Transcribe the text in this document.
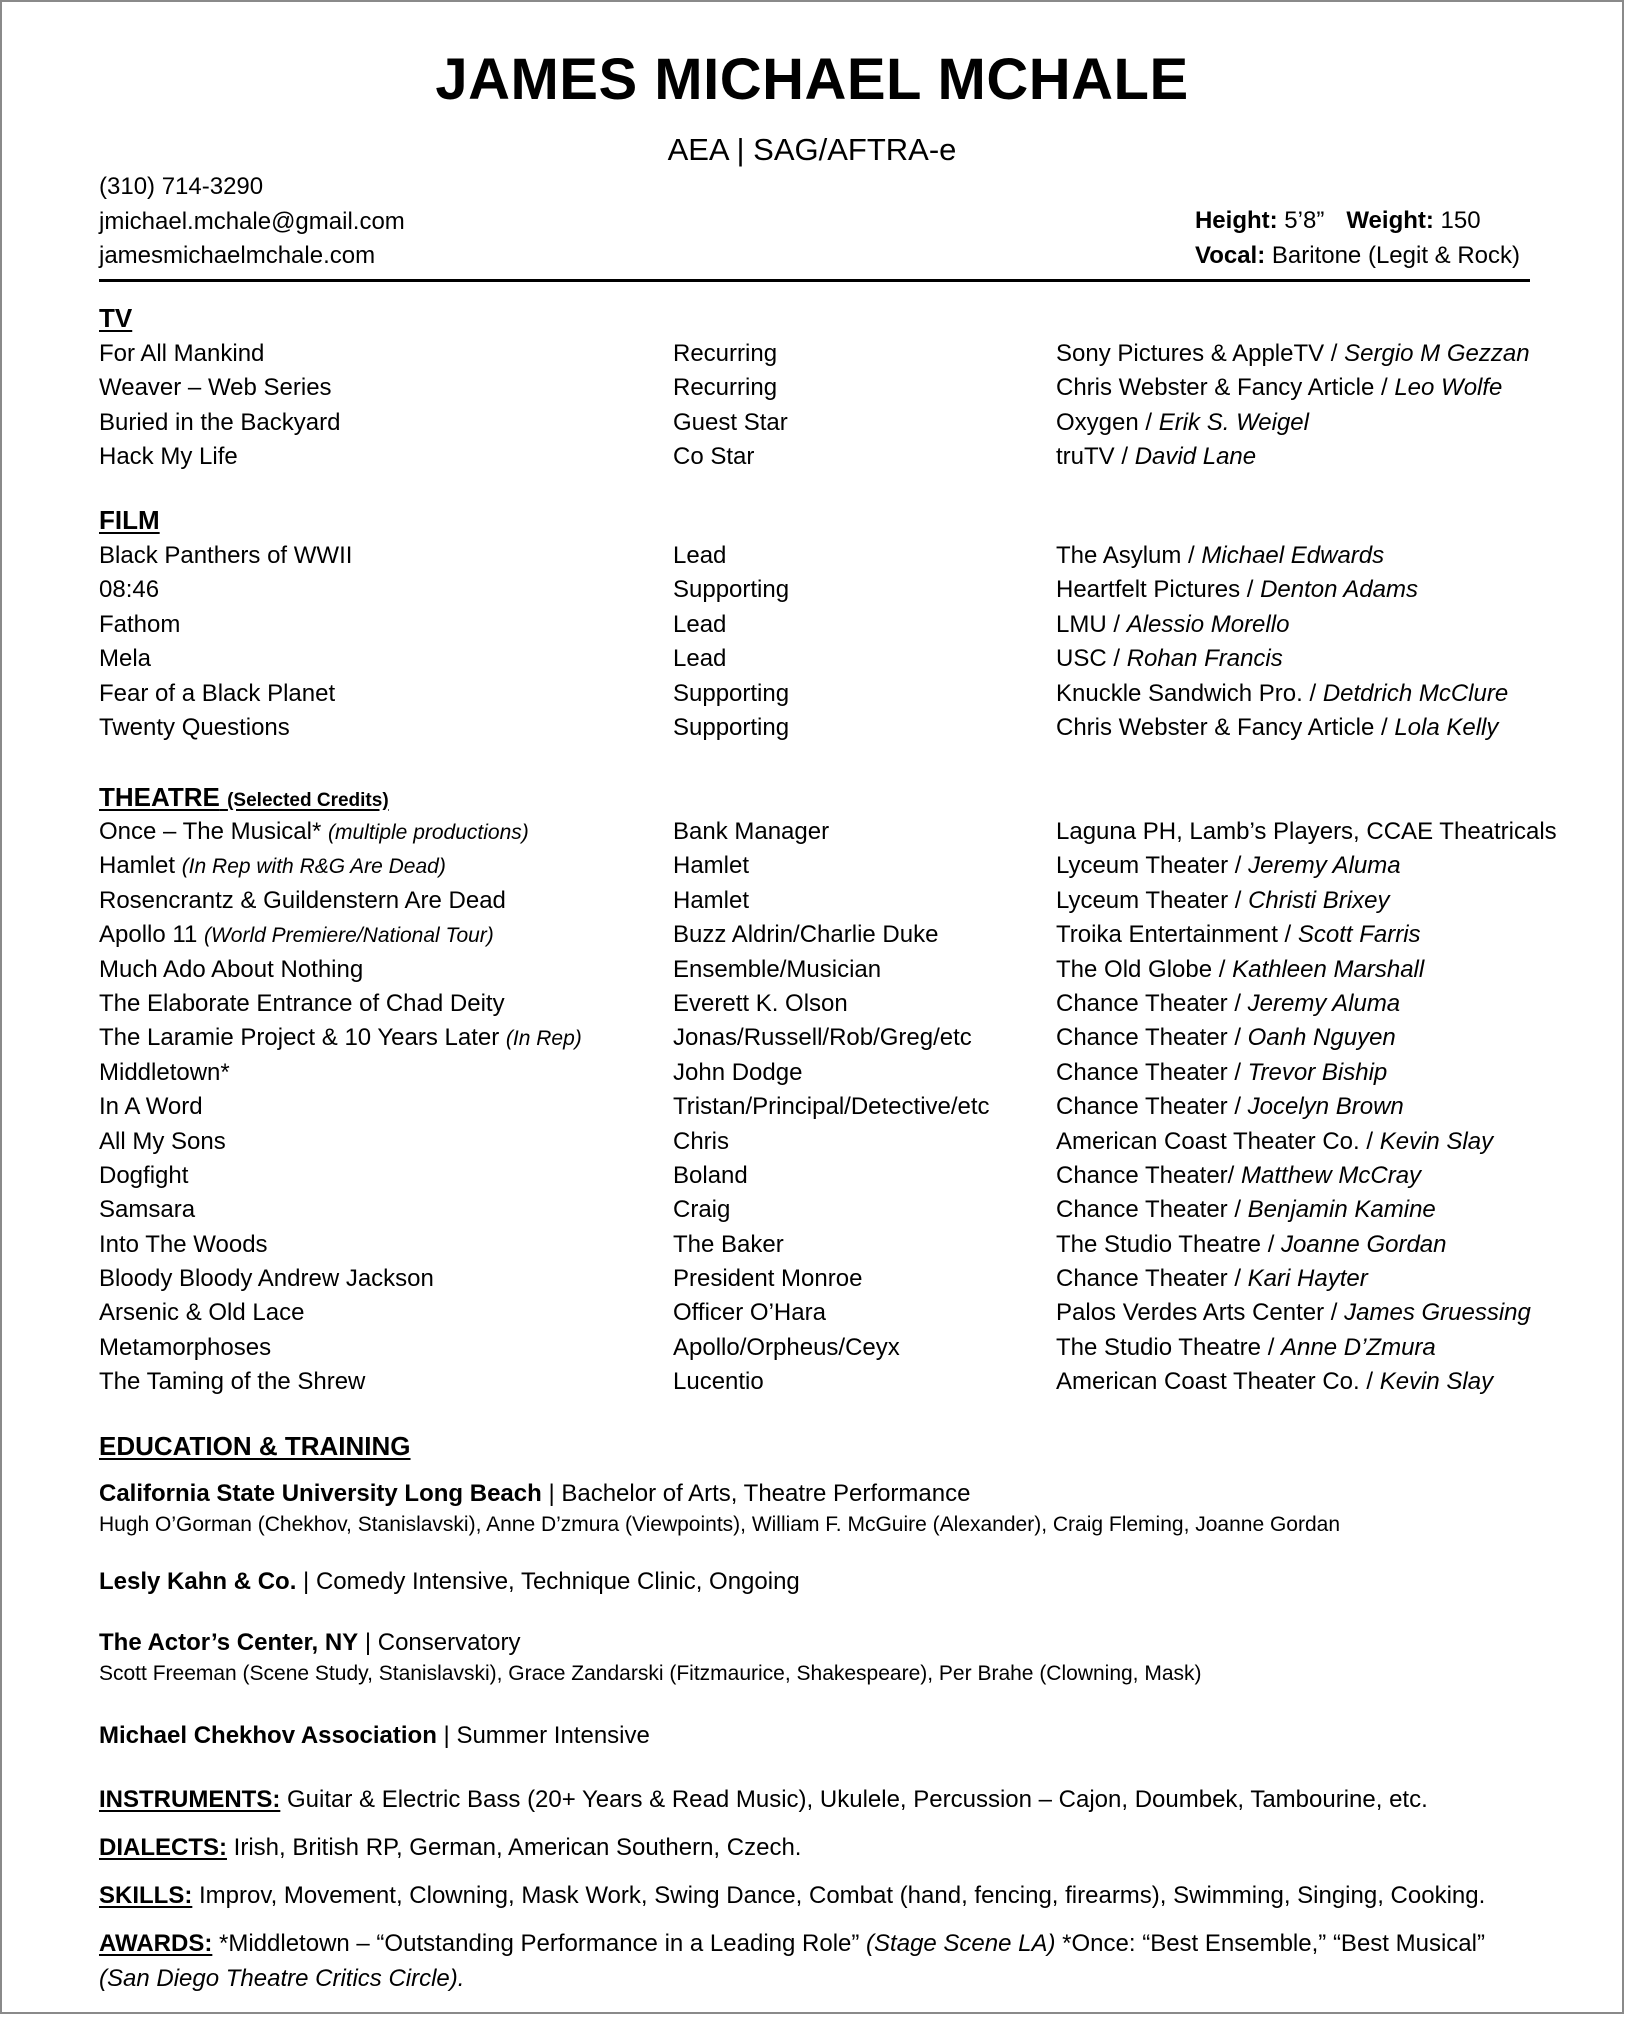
JAMES MICHAEL MCHALE
AEA | SAG/AFTRA-e
(310) 714-3290
jmichael.mchale@gmail.com
jamesmichaelmchale.com
Height: 5’8” Weight: 150
Vocal: Baritone (Legit & Rock)
TV
For All Mankind	Recurring	Sony Pictures & AppleTV / Sergio M Gezzan
Weaver – Web Series	Recurring	Chris Webster & Fancy Article / Leo Wolfe
Buried in the Backyard	Guest Star	Oxygen / Erik S. Weigel
Hack My Life	Co Star	truTV / David Lane
FILM
Black Panthers of WWII	Lead	The Asylum / Michael Edwards
08:46	Supporting	Heartfelt Pictures / Denton Adams
Fathom	Lead	LMU / Alessio Morello
Mela	Lead	USC / Rohan Francis
Fear of a Black Planet	Supporting	Knuckle Sandwich Pro. / Detdrich McClure
Twenty Questions	Supporting	Chris Webster & Fancy Article / Lola Kelly
THEATRE (Selected Credits)
Once – The Musical* (multiple productions)	Bank Manager	Laguna PH, Lamb’s Players, CCAE Theatricals
Hamlet (In Rep with R&G Are Dead)	Hamlet	Lyceum Theater / Jeremy Aluma
Rosencrantz & Guildenstern Are Dead	Hamlet	Lyceum Theater / Christi Brixey
Apollo 11 (World Premiere/National Tour)	Buzz Aldrin/Charlie Duke	Troika Entertainment / Scott Farris
Much Ado About Nothing	Ensemble/Musician	The Old Globe / Kathleen Marshall
The Elaborate Entrance of Chad Deity	Everett K. Olson	Chance Theater / Jeremy Aluma
The Laramie Project & 10 Years Later (In Rep)	Jonas/Russell/Rob/Greg/etc	Chance Theater / Oanh Nguyen
Middletown*	John Dodge	Chance Theater / Trevor Biship
In A Word	Tristan/Principal/Detective/etc	Chance Theater / Jocelyn Brown
All My Sons	Chris	American Coast Theater Co. / Kevin Slay
Dogfight	Boland	Chance Theater/ Matthew McCray
Samsara	Craig	Chance Theater / Benjamin Kamine
Into The Woods	The Baker	The Studio Theatre / Joanne Gordan
Bloody Bloody Andrew Jackson	President Monroe	Chance Theater / Kari Hayter
Arsenic & Old Lace	Officer O’Hara	Palos Verdes Arts Center / James Gruessing
Metamorphoses	Apollo/Orpheus/Ceyx	The Studio Theatre / Anne D’Zmura
The Taming of the Shrew	Lucentio	American Coast Theater Co. / Kevin Slay
EDUCATION & TRAINING
California State University Long Beach | Bachelor of Arts, Theatre Performance
Hugh O’Gorman (Chekhov, Stanislavski), Anne D’zmura (Viewpoints), William F. McGuire (Alexander), Craig Fleming, Joanne Gordan
Lesly Kahn & Co. | Comedy Intensive, Technique Clinic, Ongoing
The Actor’s Center, NY | Conservatory
Scott Freeman (Scene Study, Stanislavski), Grace Zandarski (Fitzmaurice, Shakespeare), Per Brahe (Clowning, Mask)
Michael Chekhov Association | Summer Intensive
INSTRUMENTS: Guitar & Electric Bass (20+ Years & Read Music), Ukulele, Percussion – Cajon, Doumbek, Tambourine, etc.
DIALECTS: Irish, British RP, German, American Southern, Czech.
SKILLS: Improv, Movement, Clowning, Mask Work, Swing Dance, Combat (hand, fencing, firearms), Swimming, Singing, Cooking.
AWARDS: *Middletown – “Outstanding Performance in a Leading Role” (Stage Scene LA) *Once: “Best Ensemble,” “Best Musical”
(San Diego Theatre Critics Circle).
